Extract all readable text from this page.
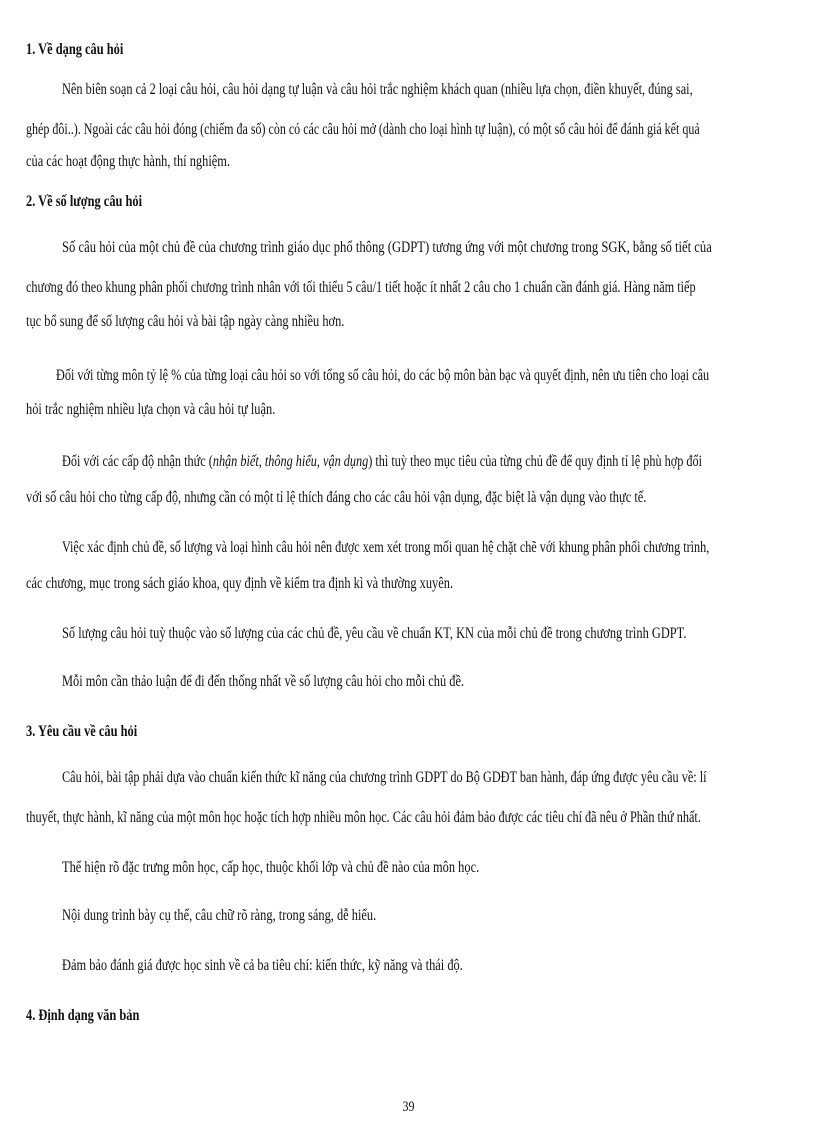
1. Về dạng câu hỏi
Nên biên soạn cả 2 loại câu hỏi, câu hỏi dạng tự luận và câu hỏi trắc nghiệm khách quan (nhiều lựa chọn, điền khuyết, đúng sai,
ghép đôi..). Ngoài các câu hỏi đóng (chiếm đa số) còn có các câu hỏi mở (dành cho loại hình tự luận), có một số câu hỏi để đánh giá kết quả
của các hoạt động thực hành, thí nghiệm.
2. Về số lượng câu hỏi
Số câu hỏi của một chủ đề của chương trình giáo dục phổ thông (GDPT) tương ứng với một chương trong SGK, bằng số tiết của
chương đó theo khung phân phối chương trình nhân với tối thiểu 5 câu/1 tiết hoặc ít nhất 2 câu cho 1 chuẩn cần đánh giá. Hàng năm tiếp
tục bổ sung để số lượng câu hỏi và bài tập ngày càng nhiều hơn.
Đối với từng môn tỷ lệ % của từng loại câu hỏi so với tổng số câu hỏi, do các bộ môn bàn bạc và quyết định, nên ưu tiên cho loại câu
hỏi trắc nghiệm nhiều lựa chọn và câu hỏi tự luận.
Đối với các cấp độ nhận thức (nhận biết, thông hiểu, vận dụng) thì tuỳ theo mục tiêu của từng chủ đề để quy định tỉ lệ phù hợp đối
với số câu hỏi cho từng cấp độ, nhưng cần có một tỉ lệ thích đáng cho các câu hỏi vận dụng, đặc biệt là vận dụng vào thực tế.
Việc xác định chủ đề, số lượng và loại hình câu hỏi nên được xem xét trong mối quan hệ chặt chẽ với khung phân phối chương trình,
các chương, mục trong sách giáo khoa, quy định về kiểm tra định kì và thường xuyên.
Số lượng câu hỏi tuỳ thuộc vào số lượng của các chủ đề, yêu cầu về chuẩn KT, KN của mỗi chủ đề trong chương trình GDPT.
Mỗi môn cần thảo luận để đi đến thống nhất về số lượng câu hỏi cho mỗi chủ đề.
3. Yêu cầu về câu hỏi
Câu hỏi, bài tập phải dựa vào chuẩn kiến thức kĩ năng của chương trình GDPT do Bộ GDĐT ban hành, đáp ứng được yêu cầu về: lí
thuyết, thực hành, kĩ năng của một môn học hoặc tích hợp nhiều môn học. Các câu hỏi đảm bảo được các tiêu chí đã nêu ở Phần thứ nhất.
Thể hiện rõ đặc trưng môn học, cấp học, thuộc khối lớp và chủ đề nào của môn học.
Nội dung trình bày cụ thể, câu chữ rõ ràng, trong sáng, dễ hiểu.
Đảm bảo đánh giá được học sinh về cả ba tiêu chí: kiến thức, kỹ năng và thái độ.
4. Định dạng văn bản
39
